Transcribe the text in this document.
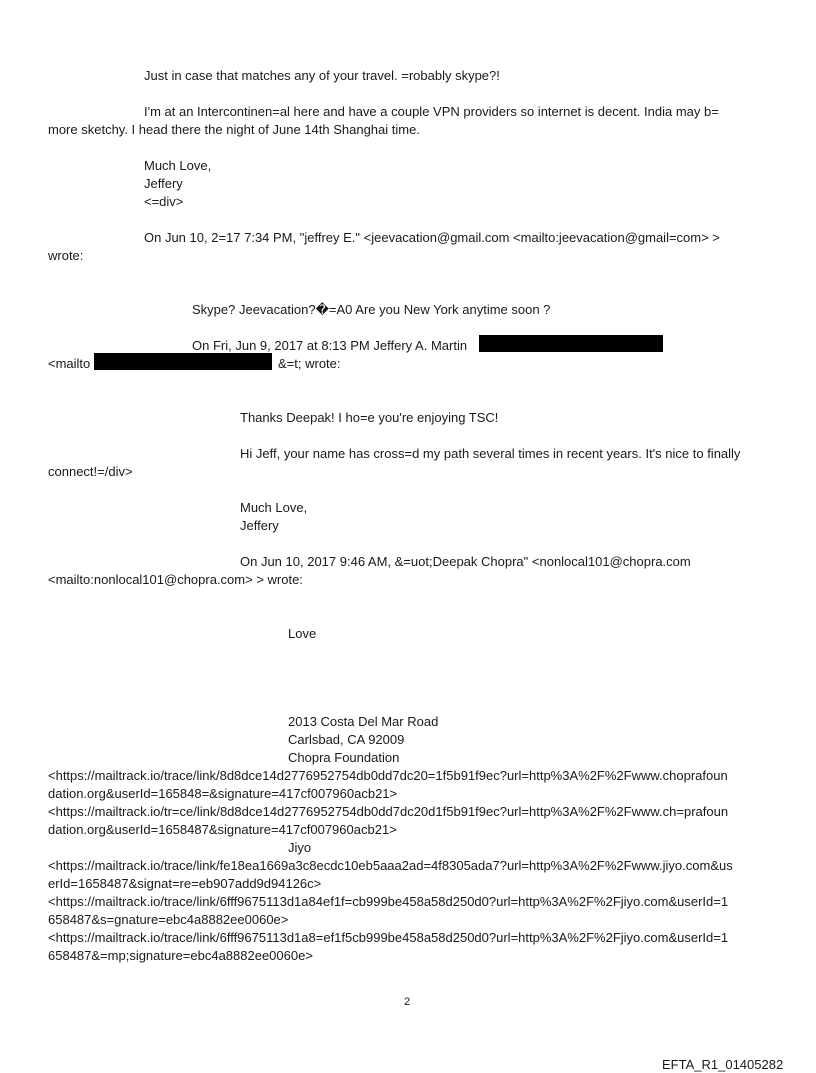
Just in case that matches any of your travel. =robably skype?!
I'm at an Intercontinen=al here and have a couple VPN providers so internet is decent. India may b=
more sketchy. I head there the night of June 14th Shanghai time.
Much Love,
Jeffery
<=div>
On Jun 10, 2=17 7:34 PM, "jeffrey E." <jeevacation@gmail.com <mailto:jeevacation@gmail=com> >
wrote:
Skype? Jeevacation?�=A0 Are you New York anytime soon ?
On Fri, Jun 9, 2017 at 8:13 PM Jeffery A. Martin
<mailto	&=t; wrote:
Thanks Deepak! I ho=e you're enjoying TSC!
Hi Jeff, your name has cross=d my path several times in recent years. It's nice to finally
connect!=/div>
Much Love,
Jeffery
On Jun 10, 2017 9:46 AM, &=uot;Deepak Chopra" <nonlocal101@chopra.com
<mailto:nonlocal101@chopra.com> > wrote:
Love
2013 Costa Del Mar Road
Carlsbad, CA 92009
Chopra Foundation
<https://mailtrack.io/trace/link/8d8dce14d2776952754db0dd7dc20=1f5b91f9ec?url=http%3A%2F%2Fwww.choprafoun
dation.org&userId=165848=&signature=417cf007960acb21>
<https://mailtrack.io/tr=ce/link/8d8dce14d2776952754db0dd7dc20d1f5b91f9ec?url=http%3A%2F%2Fwww.ch=prafoun
dation.org&userId=1658487&signature=417cf007960acb21>
Jiyo
<https://mailtrack.io/trace/link/fe18ea1669a3c8ecdc10eb5aaa2ad=4f8305ada7?url=http%3A%2F%2Fwww.jiyo.com&us
erId=1658487&signat=re=eb907add9d94126c>
<https://mailtrack.io/trace/link/6fff9675113d1a84ef1f=cb999be458a58d250d0?url=http%3A%2F%2Fjiyo.com&userId=1
658487&s=gnature=ebc4a8882ee0060e>
<https://mailtrack.io/trace/link/6fff9675113d1a8=ef1f5cb999be458a58d250d0?url=http%3A%2F%2Fjiyo.com&userId=1
658487&=mp;signature=ebc4a8882ee0060e>
2
EFTA_R1_01405282
